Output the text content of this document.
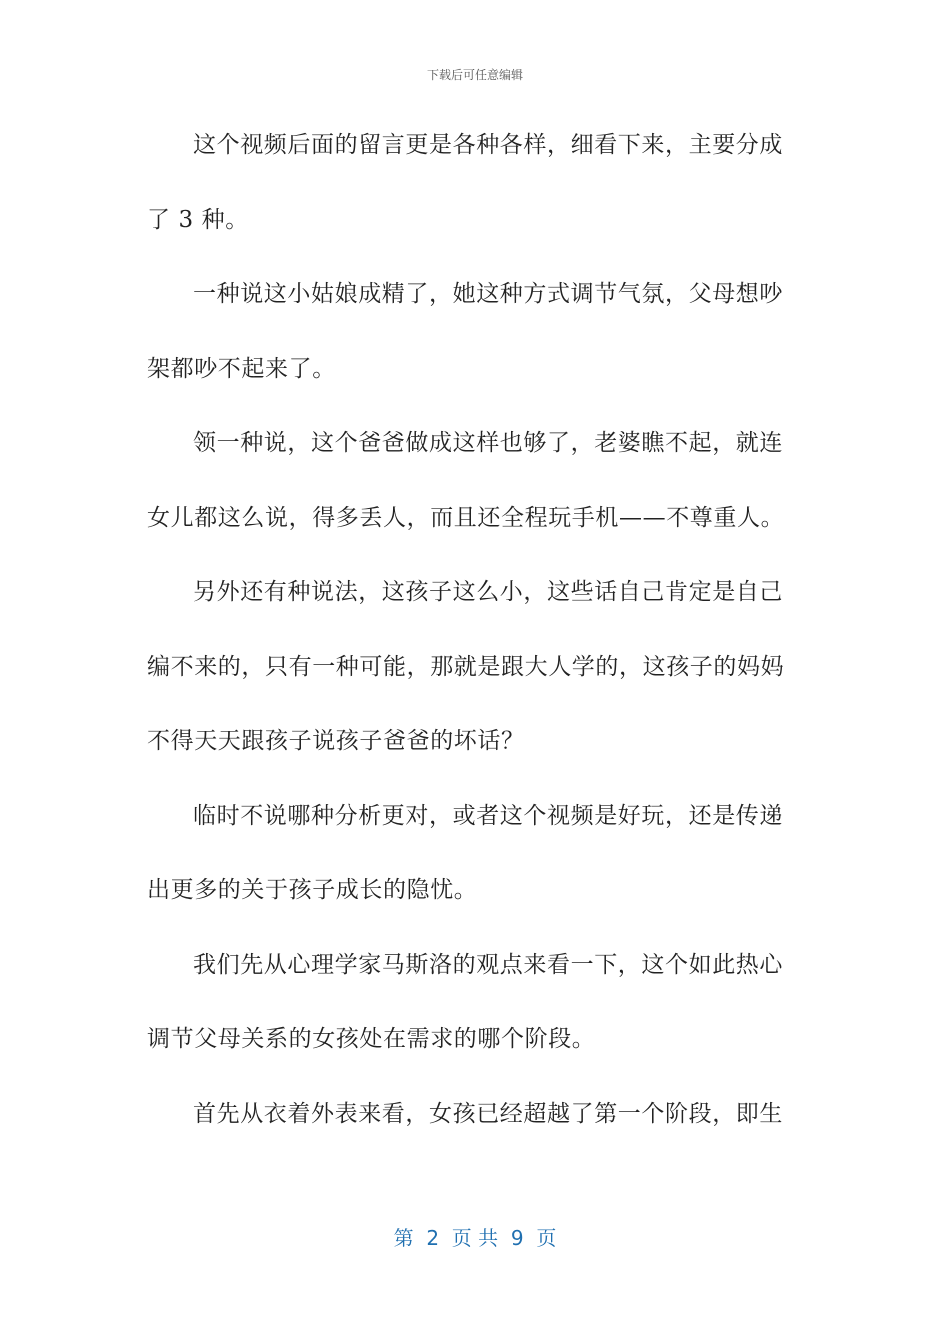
下载后可任意编辑
这个视频后面的留言更是各种各样，细看下来，主要分成
了 3 种。
一种说这小姑娘成精了，她这种方式调节气氛，父母想吵
架都吵不起来了。
领一种说，这个爸爸做成这样也够了，老婆瞧不起，就连
女儿都这么说，得多丢人，而且还全程玩手机——不尊重人。
另外还有种说法，这孩子这么小，这些话自己肯定是自己
编不来的，只有一种可能，那就是跟大人学的，这孩子的妈妈
不得天天跟孩子说孩子爸爸的坏话？
临时不说哪种分析更对，或者这个视频是好玩，还是传递
出更多的关于孩子成长的隐忧。
我们先从心理学家马斯洛的观点来看一下，这个如此热心
调节父母关系的女孩处在需求的哪个阶段。
首先从衣着外表来看，女孩已经超越了第一个阶段，即生
第  2  页 共  9  页
